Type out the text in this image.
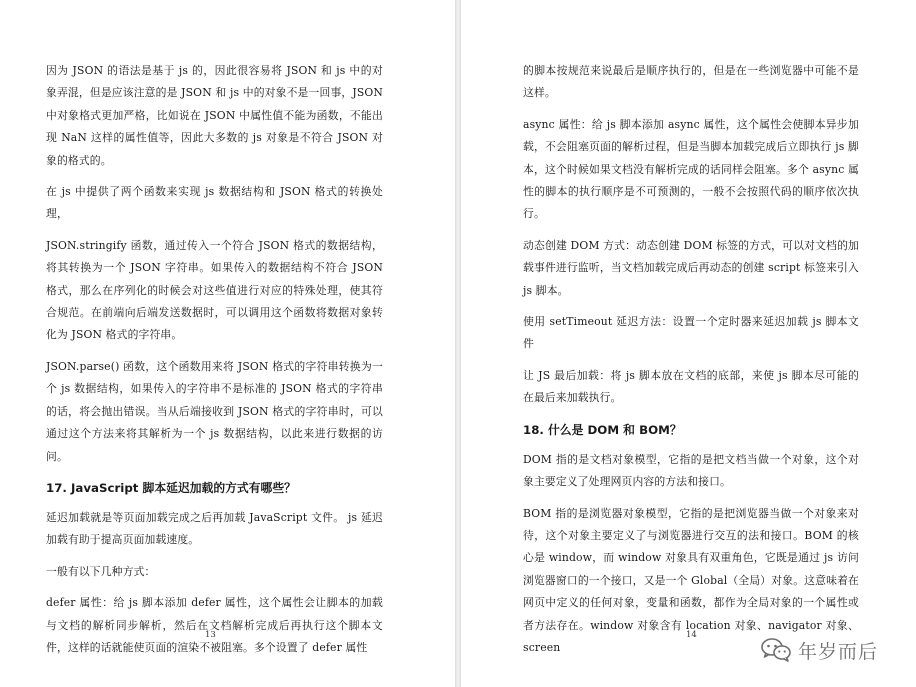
因为 JSON 的语法是基于 js 的，因此很容易将 JSON 和 js 中的对象弄混，但是应该注意的是 JSON 和 js 中的对象不是一回事，JSON 中对象格式更加严格，比如说在 JSON 中属性值不能为函数，不能出现 NaN 这样的属性值等，因此大多数的 js 对象是不符合 JSON 对象的格式的。

在 js 中提供了两个函数来实现 js 数据结构和 JSON 格式的转换处理，

JSON.stringify 函数，通过传入一个符合 JSON 格式的数据结构，将其转换为一个 JSON 字符串。如果传入的数据结构不符合 JSON 格式，那么在序列化的时候会对这些值进行对应的特殊处理，使其符合规范。在前端向后端发送数据时，可以调用这个函数将数据对象转化为 JSON 格式的字符串。

JSON.parse() 函数，这个函数用来将 JSON 格式的字符串转换为一个 js 数据结构，如果传入的字符串不是标准的 JSON 格式的字符串的话，将会抛出错误。当从后端接收到 JSON 格式的字符串时，可以通过这个方法来将其解析为一个 js 数据结构，以此来进行数据的访问。

17. JavaScript 脚本延迟加载的方式有哪些？

延迟加载就是等页面加载完成之后再加载 JavaScript 文件。 js 延迟加载有助于提高页面加载速度。

一般有以下几种方式：

defer 属性：给 js 脚本添加 defer 属性，这个属性会让脚本的加载与文档的解析同步解析，然后在文档解析完成后再执行这个脚本文件，这样的话就能使页面的渲染不被阻塞。多个设置了 defer 属性

13

的脚本按规范来说最后是顺序执行的，但是在一些浏览器中可能不是这样。

async 属性：给 js 脚本添加 async 属性，这个属性会使脚本异步加载，不会阻塞页面的解析过程，但是当脚本加载完成后立即执行 js 脚本，这个时候如果文档没有解析完成的话同样会阻塞。多个 async 属性的脚本的执行顺序是不可预测的，一般不会按照代码的顺序依次执行。

动态创建 DOM 方式：动态创建 DOM 标签的方式，可以对文档的加载事件进行监听，当文档加载完成后再动态的创建 script 标签来引入 js 脚本。

使用 setTimeout 延迟方法：设置一个定时器来延迟加载 js 脚本文件

让 JS 最后加载：将 js 脚本放在文档的底部，来使 js 脚本尽可能的在最后来加载执行。

18. 什么是 DOM 和 BOM？

DOM 指的是文档对象模型，它指的是把文档当做一个对象，这个对象主要定义了处理网页内容的方法和接口。

BOM 指的是浏览器对象模型，它指的是把浏览器当做一个对象来对待，这个对象主要定义了与浏览器进行交互的法和接口。BOM 的核心是 window，而 window 对象具有双重角色，它既是通过 js 访问浏览器窗口的一个接口，又是一个 Global（全局）对象。这意味着在网页中定义的任何对象，变量和函数，都作为全局对象的一个属性或者方法存在。window 对象含有 location 对象、navigator 对象、screen

14
年岁而后
